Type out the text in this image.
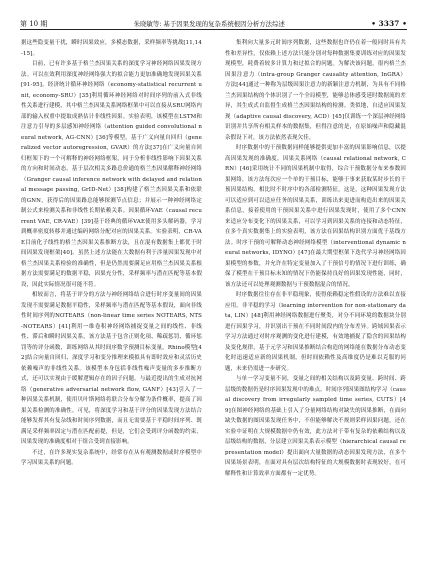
第 10 期	朱晓敏等: 基于因果发现的复杂系统根因分析方法综述	• 3337 •

据这些隐变量干扰，瞬时因果效应，多模态数据，采样频率等挑战[11,14-15]。

目前，已有许多基于格兰杰因果关系的深度学习神经网络因果发现方法。可以在效利用深度神经网络强大的拟合能力更加准确地发现因果关系[91-95]。经济统计循环神经网络（economy-statistical recurrent unit, economy-SRU）[35]利用循环神经网络对时间序列的前入式非线性关系进行建模，其中格兰杰因果关系网络框架中可以直接从SRU网络内部的输入权重中提取成熟估计非线性因果。实验表明，该模型在LSTM和注意力引导的多层感知神经网络（attention guided convolutional neural network, AG-CNN）[36]等模型。基于广义向量自回归（generalized vector autoregression, GVAR）的方法[37]在广义向量自回归框架下的一个可解释的神经网络框架，同于分析非线性影响下因果关系的方向和时间动态。基于层次相关多路总价通的格兰杰因果解释神经网络（Granger causal inference network with delayed and relational message passing, GrID-Net）[38]构建了格兰杰因果关系和依联的GNN，获得后的因果路总能够探测节点信息；并展示一种神经网络定制公式来检测关系和非线性长期依赖关系。因果循环VAE（causal recurrent VAE, CR-VAE）[39]基于经典的循环VAE使用多头解码器，学习到概率密度转移并通过编码网络分配对应的因果关系。实验表明，CR-VAE目前化子线性的格兰杰因果关系推断方法，且在混有数据集上都优于时间因果发现框架[40]。虽然上述方法能在大数据有利于涉量因果发现中对格兰杰因果关系检验的准确性，但是仍然需要满足应用格兰杰因果关系根据方法需要满足的数据平稳，因果充分性，采样频率与潜在匹配等基本假设，因此实际情况很可能不符。

相较而言，将基于评分的方法与神经网络结合进行时序变量间的因果发现不需要满足数据平稳性，采样频率与潜在匹配等基本假设，面向非线性时间序列的NOTEARS（non-linear time series NOTEARS, NTS-NOTEARS）[41]利用一维卷积神经网络捕捉变量之间的线性、非线性、滞后和瞬时因果关系，该方法基于包含正则化项、稀疏惩罚、循环惩罚等的评分函数，训练网络从其时间序数学预测目标变量。Rhino模型[42]结合向量自回归、深度学习和变分推理来模拟具有即时效应和灵活历史依赖噪声的非线性关系。该模型本身包括非线性噪声变量的多步推断方式，还可以实现由于缓解逻辑存在的因子问题。与最近提出的生成对抗网络（generative adversarial network flow, GANF）[43]引入了一种因果关系机制，使用贝叶斯网络将联合分布分解为条件概率，提高了因果关系检测的准确性。可见，将深度学习和基于评分的因果发现方法结合能够发挥其有复杂线和时间序列数据，而且无需要基于平稳时间序列、既满足采样频率固定与潜在匹配前提，但是，它们会受到评分函数的约束，因果发现的准确度相对于组合受到直接影响。

不过，在许多现实复杂系统中，经常存在从有观测数据或时序模型中学习因果关系的问题。

集利向大量多元时间序列数据，这些数据也许仍在着一般同时具有共性和差异性，仅依赖上述方法只能分别对每种数据集要训练对应的因果发现模型，耗费着较多计算力和过拟合的问题。为解决该问题，很内格兰杰因果注意力（intra-group Granger causality attention, InGRA）方法[44]通过一种称为层级因果注意力的新颖注意力机制，为具有不同格兰杰因果结构的个体识别了一个全局模型，能够总体感受延时数据流的差异，其生成式自监督生成格兰杰因果结构的检测。类似地，自适应因果发现（adaptive causal discovery, ACD）[45]仅训练一个深层神经网络识别并共享所有相关样本的数据集，但得注意的是，在原始噪声和隐藏混杂假设下对，该方法依然表现欠佳。

时序数据中的干预数据同样能够提供更加丰富的因果影响信息，以提高因果发现的准确度。因果关系网络（causal relational network, CRN）[46]采用统计不同的因果机制中取得，综合干预数据分布来参数因果网络，该方法每次应一个单的干预目标，能够于事来获取某时步长的干预因果结构。相比时不时序中的各部检测特征，这是，这种因果发现方法可以适应到可以适应任务的因果关系，训练出来更进而构造出来的因果关系信息，接着使用的干预因果关系中进行因果发现时，使用了多个CNN来适应分布变化下的因果关系，可以学习到因果关系的连接和动态特征，在多个真实数据集上的实验表明，该方法在因果结构识别方面优于基线方法。时序干预的可解释动态神经网络模型（interventional dynamic neural networks, IDYNO）[47]在最大期望框架下迭代学习神经网络因果模型的参数，并允许在特定变量加入了干预信号的情况下进行训练，确保了模型在干预目标未知的情况下仍能保持良好的因果发现性能，同时，该方法还可以处理观测数据与干预数据混合的情况。

时序数据往往存在非平稳现象，使得依赖稳定性假设的方法难以直接应用。非平稳的学习（learning intervention for non-stationary data, LIN）[48]利用神经网络数据进行聚类，对分不同环境的数据块分别进行因果学习，并识别出干预在不同时间段内的分布差异。跨域因果表示学习方法通过对时序观测的变化进行建模，有效地捕捉了隐含的因果结构及变化规律，基于元学习和因果推断结合构造的网络能在数据分布动态变化时迅速适应新的因果机制，但时间依赖性及高维度仍是难以克服的问题，未来仍需进一步研究。

与单一学习变量不同，变量之间的相关结构以及跨变量、跨时间、跨层级的数据仍是时序因果发现中的难点。时间序列因果图结构学习（causal discovery from irregularly sampled time series, CUTS）[49]在图神经网络的基础上引入了分量网络结构对缺失的因果推断，在面向缺失数据的图因果发现任务中，不但能够解决不规则采样因果问题，还在实验中证明在大规模数据中仍有效，此方法对于带有复杂的依赖结构以及层级结构的数据，分层建立因果关系表示模型（hierarchical causal representation model）提出面向大量数据的动态因果发现方法，在多个因果场景表明，在面对具有层次结构特征的大规模数据时表现较好，在可解释性和计算效率方面都有一定优势。
